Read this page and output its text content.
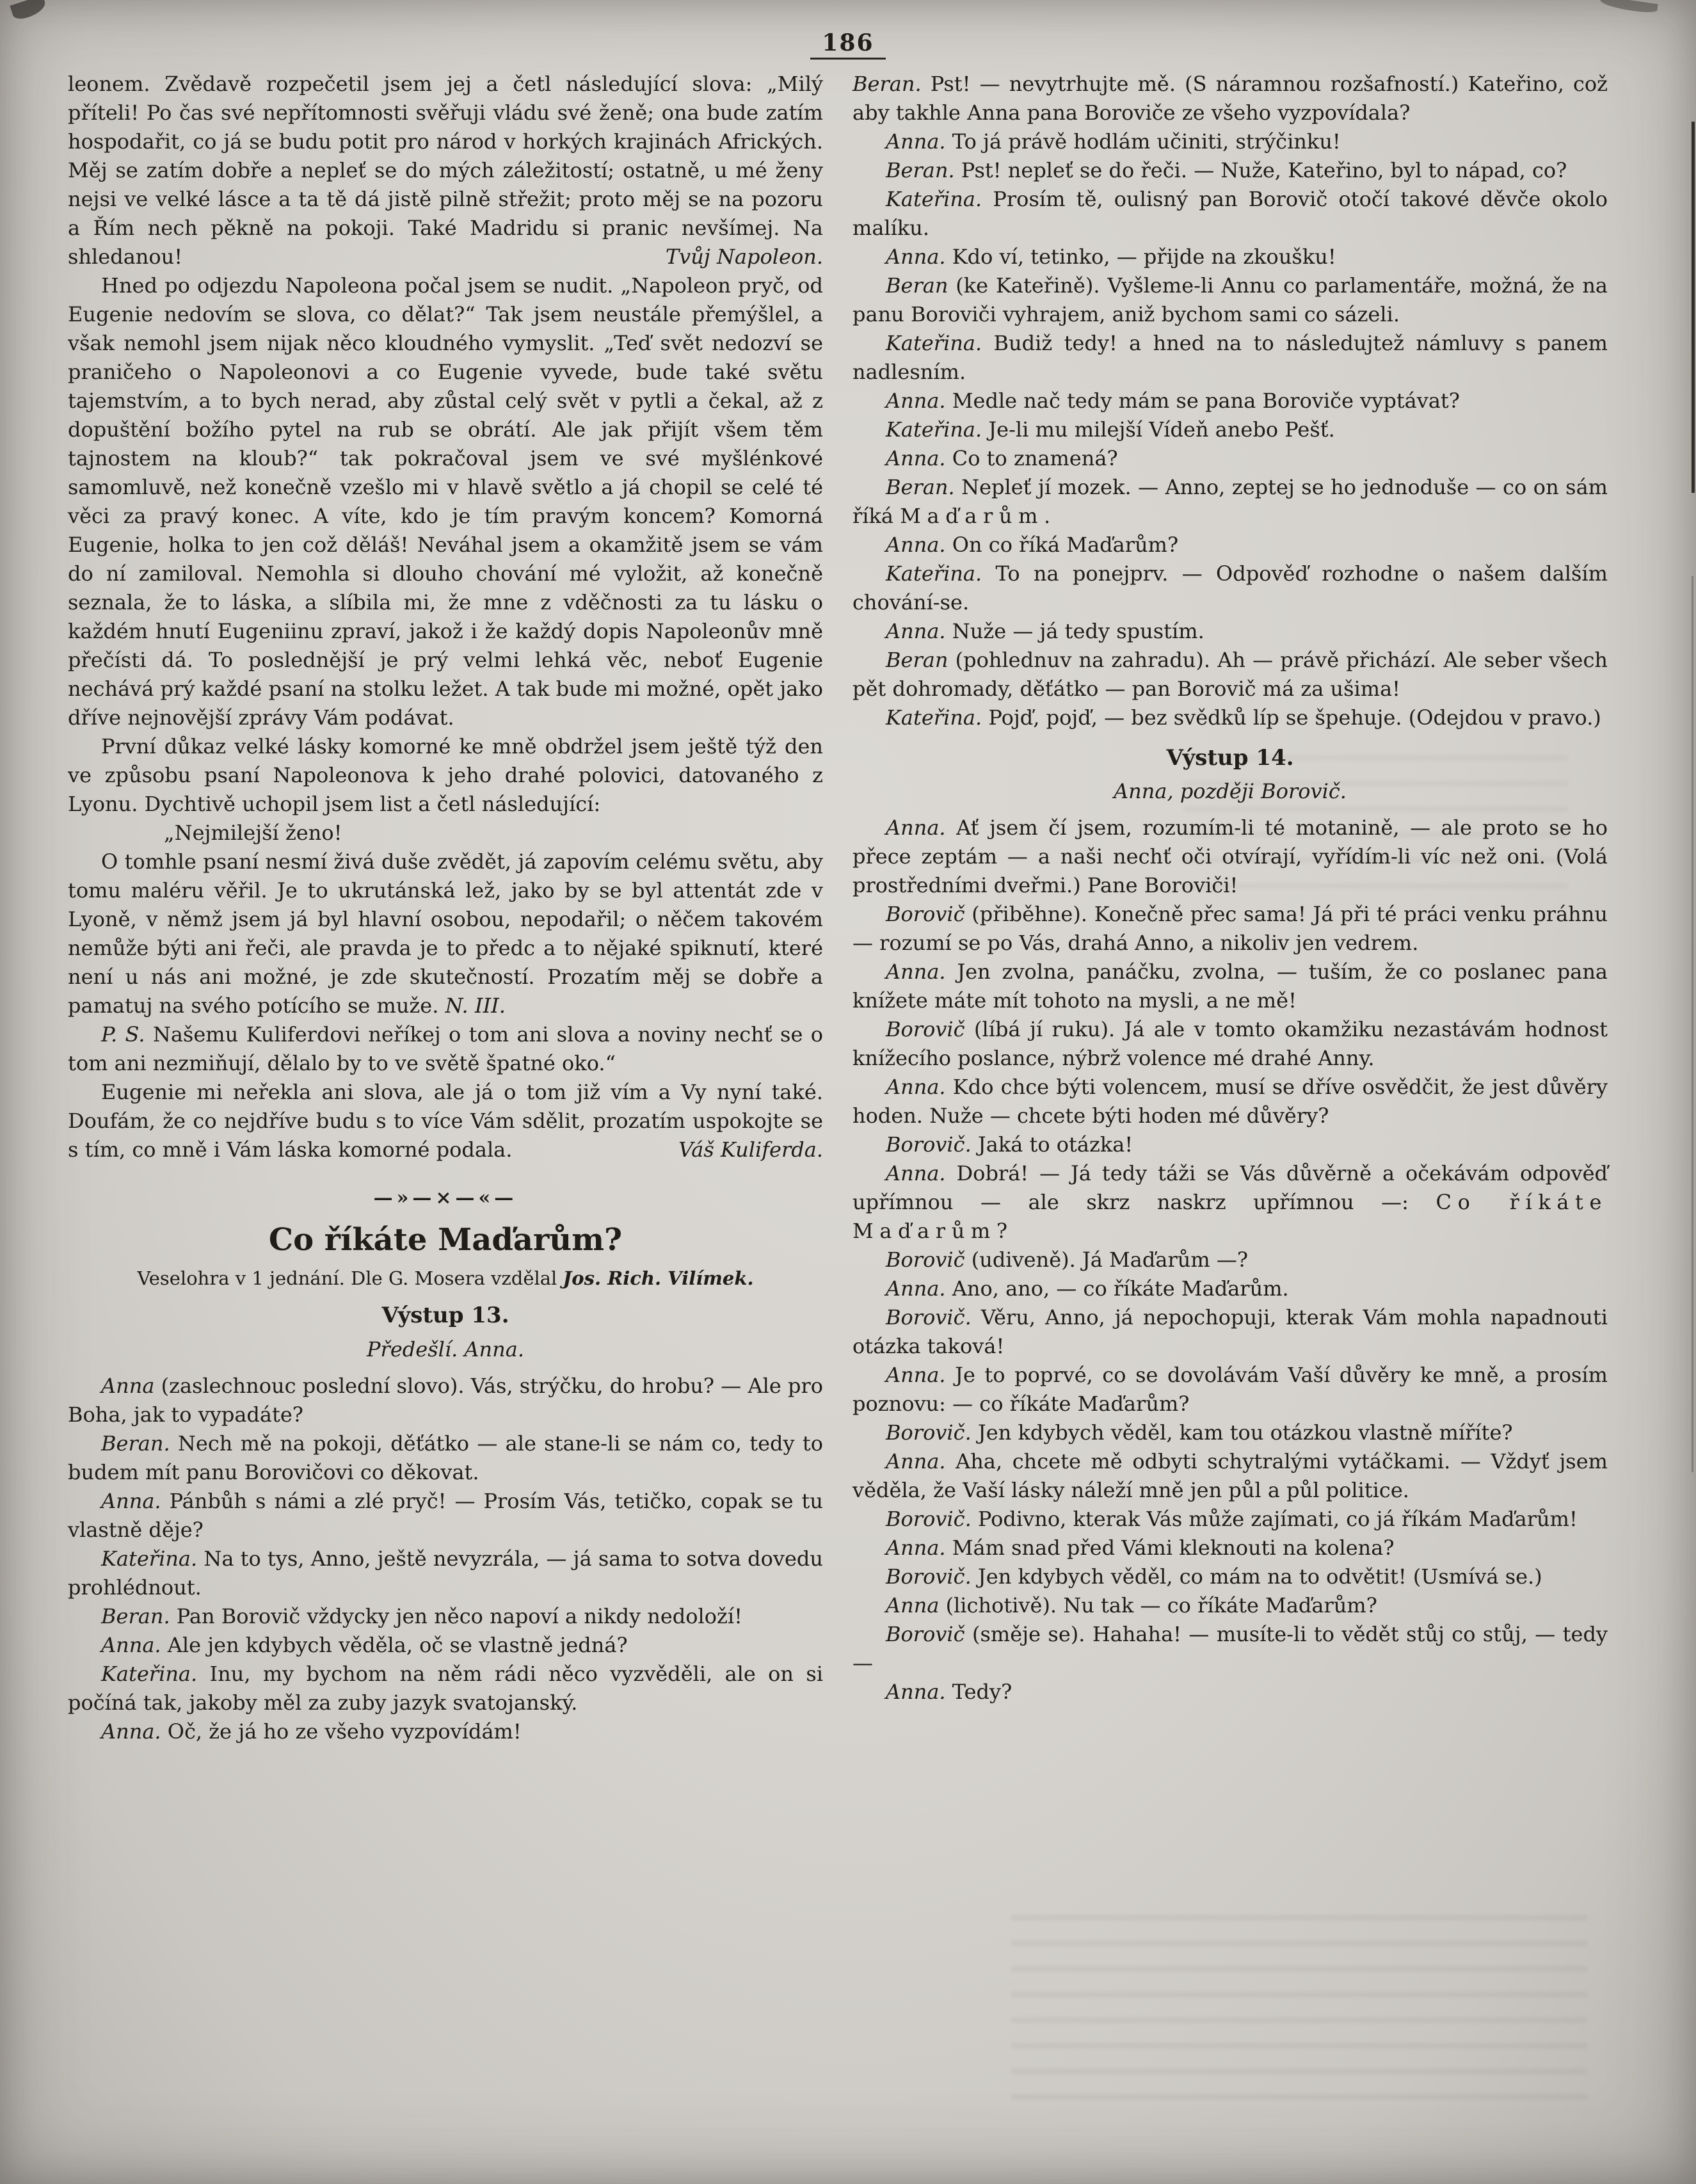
186

leonem. Zvědavě rozpečetil jsem jej a četl následující slova: „Milý příteli! Po čas své nepřítomnosti svěřuji vládu své ženě; ona bude zatím hospodařit, co já se budu potit pro národ v horkých krajinách Afrických. Měj se zatím dobře a nepleť se do mých záležitostí; ostatně, u mé ženy nejsi ve velké lásce a ta tě dá jistě pilně střežit; proto měj se na pozoru a Řím nech pěkně na pokoji. Také Madridu si pranic nevšímej. Na shledanou!	Tvůj Napoleon.

Hned po odjezdu Napoleona počal jsem se nudit. „Napoleon pryč, od Eugenie nedovím se slova, co dělat?“ Tak jsem neustále přemýšlel, a však nemohl jsem nijak něco kloudného vymyslit. „Teď svět nedozví se praničeho o Napoleonovi a co Eugenie vyvede, bude také světu tajemstvím, a to bych nerad, aby zůstal celý svět v pytli a čekal, až z dopuštění božího pytel na rub se obrátí. Ale jak přijít všem těm tajnostem na kloub?“ tak pokračoval jsem ve své myšlénkové samomluvě, než konečně vzešlo mi v hlavě světlo a já chopil se celé té věci za pravý konec. A víte, kdo je tím pravým koncem? Komorná Eugenie, holka to jen což děláš! Neváhal jsem a okamžitě jsem se vám do ní zamiloval. Nemohla si dlouho chování mé vyložit, až konečně seznala, že to láska, a slíbila mi, že mne z vděčnosti za tu lásku o každém hnutí Eugeniinu zpraví, jakož i že každý dopis Napoleonův mně přečísti dá. To poslednější je prý velmi lehká věc, neboť Eugenie nechává prý každé psaní na stolku ležet. A tak bude mi možné, opět jako dříve nejnovější zprávy Vám podávat.

První důkaz velké lásky komorné ke mně obdržel jsem ještě týž den ve způsobu psaní Napoleonova k jeho drahé polovici, datovaného z Lyonu. Dychtivě uchopil jsem list a četl následující:

„Nejmilejší ženo!

O tomhle psaní nesmí živá duše zvědět, já zapovím celému světu, aby tomu maléru věřil. Je to ukrutánská lež, jako by se byl attentát zde v Lyoně, v němž jsem já byl hlavní osobou, nepodařil; o něčem takovém nemůže býti ani řeči, ale pravda je to předc a to nějaké spiknutí, které není u nás ani možné, je zde skutečností. Prozatím měj se dobře a pamatuj na svého potícího se muže. N. III.

P. S. Našemu Kuliferdovi neříkej o tom ani slova a noviny nechť se o tom ani nezmiňují, dělalo by to ve světě špatné oko.“

Eugenie mi neřekla ani slova, ale já o tom již vím a Vy nyní také. Doufám, že co nejdříve budu s to více Vám sdělit, prozatím uspokojte se s tím, co mně i Vám láska komorné podala.	Váš Kuliferda.

—»—×—«—

Co říkáte Maďarům?

Veselohra v 1 jednání. Dle G. Mosera vzdělal Jos. Rich. Vilímek.

Výstup 13.

Předešlí. Anna.

Anna (zaslechnouc poslední slovo). Vás, strýčku, do hrobu? — Ale pro Boha, jak to vypadáte?

Beran. Nech mě na pokoji, děťátko — ale stane-li se nám co, tedy to budem mít panu Borovičovi co děkovat.

Anna. Pánbůh s námi a zlé pryč! — Prosím Vás, tetičko, copak se tu vlastně děje?

Kateřina. Na to tys, Anno, ještě nevyzrála, — já sama to sotva dovedu prohlédnout.

Beran. Pan Borovič vždycky jen něco napoví a nikdy nedoloží!

Anna. Ale jen kdybych věděla, oč se vlastně jedná?

Kateřina. Inu, my bychom na něm rádi něco vyzvěděli, ale on si počíná tak, jakoby měl za zuby jazyk svatojanský.

Anna. Oč, že já ho ze všeho vyzpovídám!

Beran. Pst! — nevytrhujte mě. (S náramnou rozšafností.) Kateřino, což aby takhle Anna pana Boroviče ze všeho vyzpovídala?

Anna. To já právě hodlám učiniti, strýčinku!

Beran. Pst! nepleť se do řeči. — Nuže, Kateřino, byl to nápad, co?

Kateřina. Prosím tě, oulisný pan Borovič otočí takové děvče okolo malíku.

Anna. Kdo ví, tetinko, — přijde na zkoušku!

Beran (ke Kateřině). Vyšleme-li Annu co parlamentáře, možná, že na panu Boroviči vyhrajem, aniž bychom sami co sázeli.

Kateřina. Budiž tedy! a hned na to následujtež námluvy s panem nadlesním.

Anna. Medle nač tedy mám se pana Boroviče vyptávat?

Kateřina. Je-li mu milejší Vídeň anebo Pešť.

Anna. Co to znamená?

Beran. Nepleť jí mozek. — Anno, zeptej se ho jednoduše — co on sám říká Maďarům.

Anna. On co říká Maďarům?

Kateřina. To na ponejprv. — Odpověď rozhodne o našem dalším chování-se.

Anna. Nuže — já tedy spustím.

Beran (pohlednuv na zahradu). Ah — právě přichází. Ale seber všech pět dohromady, děťátko — pan Borovič má za ušima!

Kateřina. Pojď, pojď, — bez svědků líp se špehuje. (Odejdou v pravo.)

Výstup 14.

Anna, později Borovič.

Anna. Ať jsem čí jsem, rozumím-li té motanině, — ale proto se ho přece zeptám — a naši nechť oči otvírají, vyřídím-li víc než oni. (Volá prostředními dveřmi.) Pane Boroviči!

Borovič (přiběhne). Konečně přec sama! Já při té práci venku práhnu — rozumí se po Vás, drahá Anno, a nikoliv jen vedrem.

Anna. Jen zvolna, panáčku, zvolna, — tuším, že co poslanec pana knížete máte mít tohoto na mysli, a ne mě!

Borovič (líbá jí ruku). Já ale v tomto okamžiku nezastávám hodnost knížecího poslance, nýbrž volence mé drahé Anny.

Anna. Kdo chce býti volencem, musí se dříve osvědčit, že jest důvěry hoden. Nuže — chcete býti hoden mé důvěry?

Borovič. Jaká to otázka!

Anna. Dobrá! — Já tedy táži se Vás důvěrně a očekávám odpověď upřímnou — ale skrz naskrz upřímnou —: Co říkáte Maďarům?

Borovič (udiveně). Já Maďarům —?

Anna. Ano, ano, — co říkáte Maďarům.

Borovič. Věru, Anno, já nepochopuji, kterak Vám mohla napadnouti otázka taková!

Anna. Je to poprvé, co se dovolávám Vaší důvěry ke mně, a prosím poznovu: — co říkáte Maďarům?

Borovič. Jen kdybych věděl, kam tou otázkou vlastně míříte?

Anna. Aha, chcete mě odbyti schytralými vytáčkami. — Vždyť jsem věděla, že Vaší lásky náleží mně jen půl a půl politice.

Borovič. Podivno, kterak Vás může zajímati, co já říkám Maďarům!

Anna. Mám snad před Vámi kleknouti na kolena?

Borovič. Jen kdybych věděl, co mám na to odvětit! (Usmívá se.)

Anna (lichotivě). Nu tak — co říkáte Maďarům?

Borovič (směje se). Hahaha! — musíte-li to vědět stůj co stůj, — tedy —

Anna. Tedy?
